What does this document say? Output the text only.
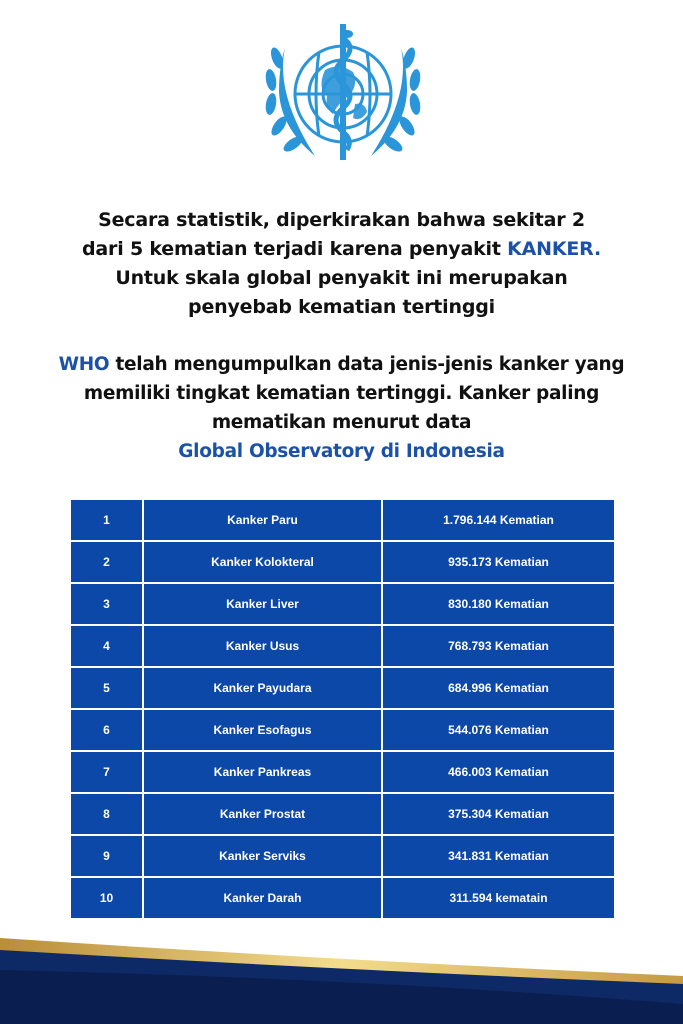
Secara statistik, diperkirakan bahwa sekitar 2
dari 5 kematian terjadi karena penyakit KANKER.
Untuk skala global penyakit ini merupakan
penyebab kematian tertinggi
WHO telah mengumpulkan data jenis-jenis kanker yang
memiliki tingkat kematian tertinggi. Kanker paling
mematikan menurut data
Global Observatory di Indonesia
1	Kanker Paru	1.796.144 Kematian
2	Kanker Kolokteral	935.173 Kematian
3	Kanker Liver	830.180 Kematian
4	Kanker Usus	768.793 Kematian
5	Kanker Payudara	684.996 Kematian
6	Kanker Esofagus	544.076 Kematian
7	Kanker Pankreas	466.003 Kematian
8	Kanker Prostat	375.304 Kematian
9	Kanker Serviks	341.831 Kematian
10	Kanker Darah	311.594 kematain
